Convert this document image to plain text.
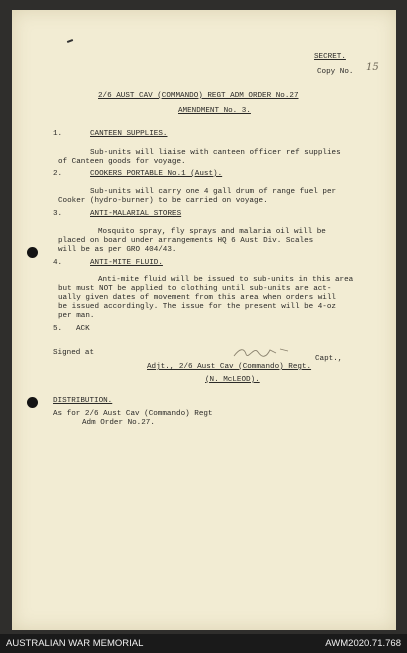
SECRET.
Copy No. 15
2/6 AUST CAV (COMMANDO) REGT ADM ORDER No.27
AMENDMENT No. 3.
1.	CANTEEN SUPPLIES.
Sub-units will liaise with canteen officer ref supplies
of Canteen goods for voyage.
2.	COOKERS PORTABLE No.1 (Aust).
Sub-units will carry one 4 gall drum of range fuel per
Cooker (hydro-burner) to be carried on voyage.
3.	ANTI-MALARIAL STORES
Mosquito spray, fly sprays and malaria oil will be
placed on board under arrangements HQ 6 Aust Div. Scales
will be as per GRO 404/43.
4.	ANTI-MITE FLUID.
Anti-mite fluid will be issued to sub-units in this area
but must NOT be applied to clothing until sub-units are act-
ually given dates of movement from this area when orders will
be issued accordingly. The issue for the present will be 4-oz
per man.
5. ACK
Signed at
Capt.,
Adjt., 2/6 Aust Cav (Commando) Regt.
(N. McLEOD).
DISTRIBUTION.
As for 2/6 Aust Cav (Commando) Regt
Adm Order No.27.
AUSTRALIAN WAR MEMORIAL	AWM2020.71.768
